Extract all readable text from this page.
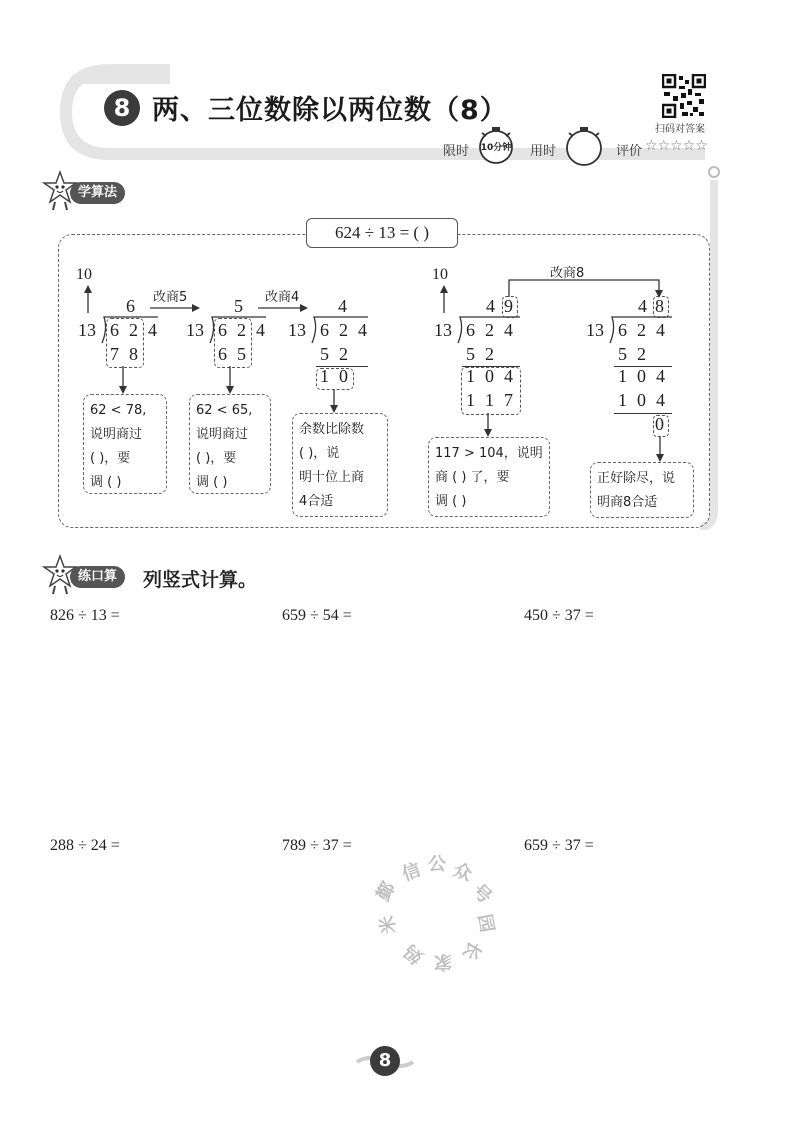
8 两、三位数除以两位数（8）
扫码对答案
限时	10分钟 用时	评价 ☆☆☆☆☆
学算法
624 ÷ 13 = ( )
10
6 改商5
13 6 2 4
7 8
62 < 78,
说明商过
( )，要
调 ( )
5 改商4
13 6 2 4
6 5
62 < 65,
说明商过
( )，要
调 ( )
4
13 6 2 4
5 2
1 0
余数比除数
( )，说
明十位上商
4合适
10	改商8
4 9
13 6 2 4
5 2
1 0 4
1 1 7
117 > 104，说明
商 ( ) 了，要
调 ( )
4 8
13 6 2 4
5 2
1 0 4
1 0 4
0
正好除尽，说
明商8合适
练口算	列竖式计算。
826 ÷ 13 =	659 ÷ 54 =	450 ÷ 37 =
288 ÷ 24 =	789 ÷ 37 =	659 ÷ 37 =
信 公 众
号
园
长
家
妈
米
鄞
8
